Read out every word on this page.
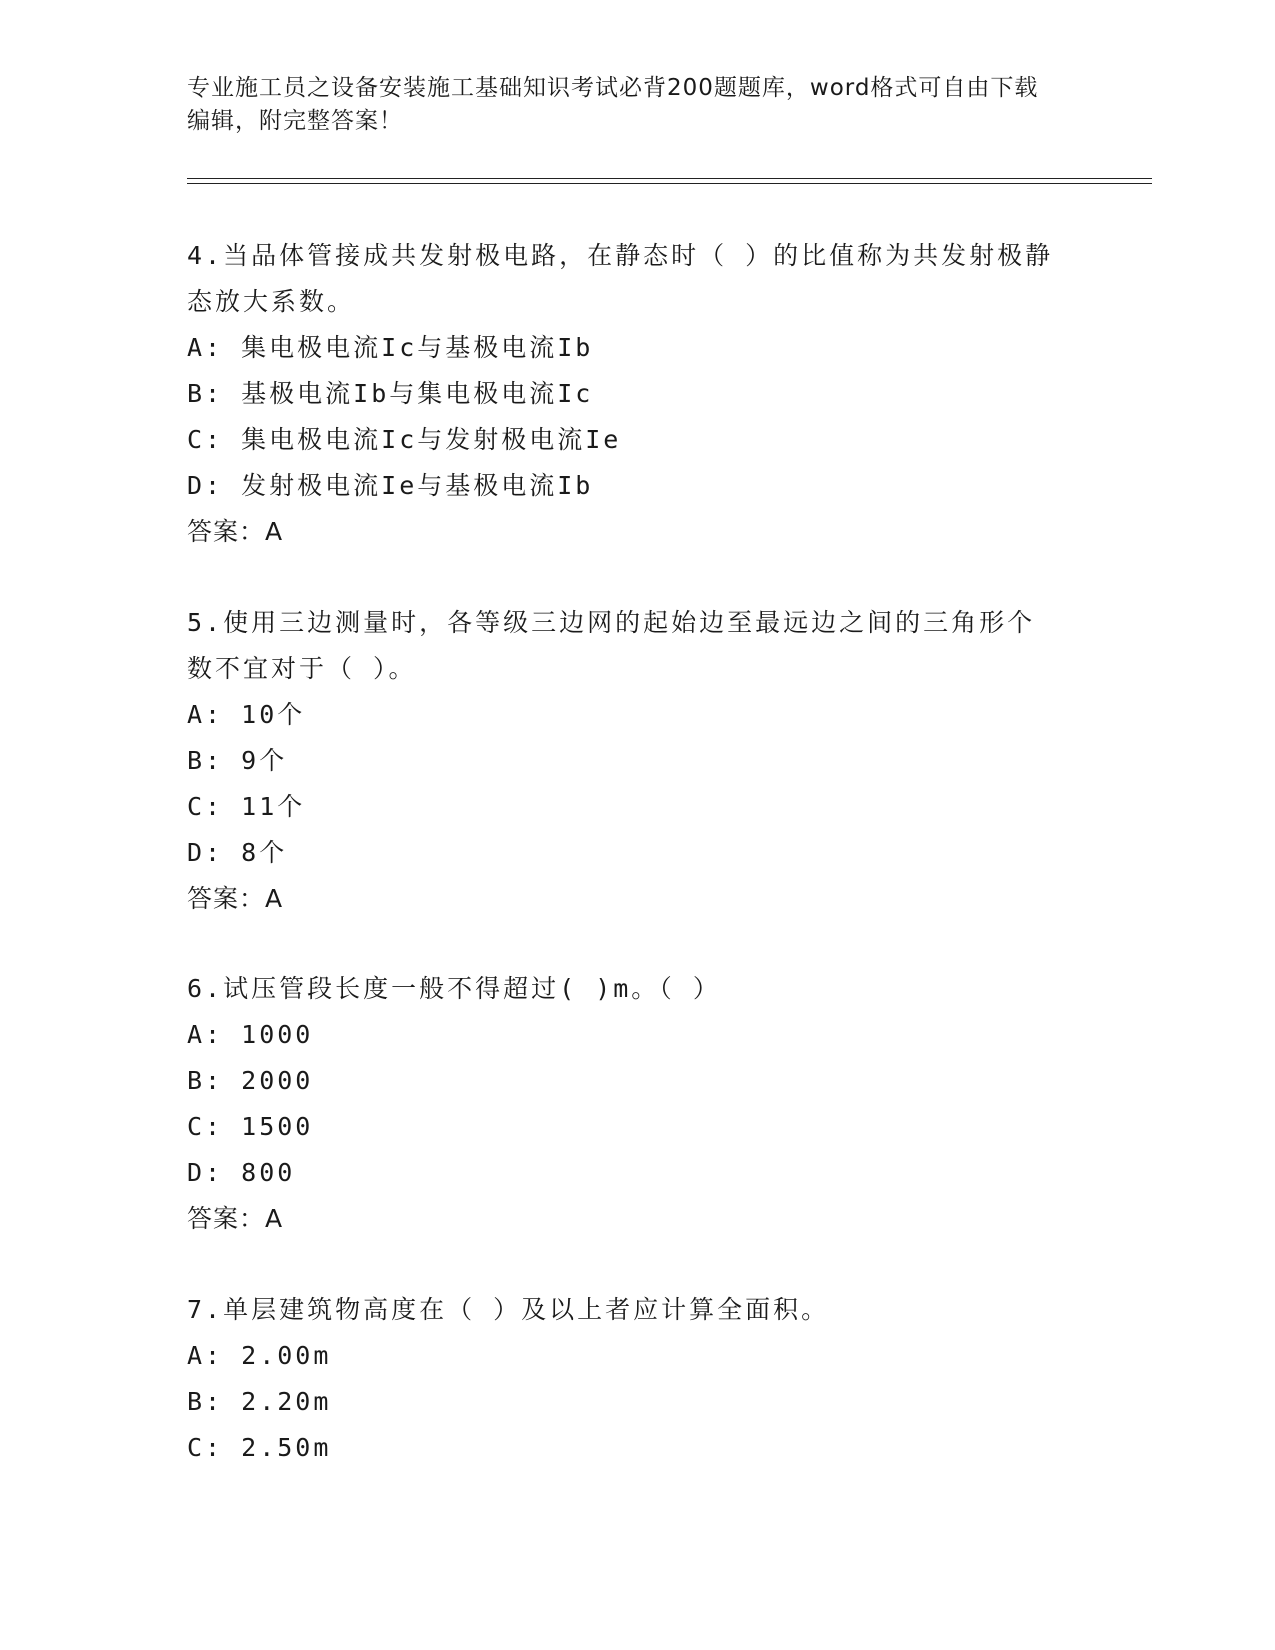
专业施工员之设备安装施工基础知识考试必背200题题库，word格式可自由下载
编辑，附完整答案！
4.当品体管接成共发射极电路，在静态时（ ）的比值称为共发射极静
态放大系数。
A: 集电极电流Ic与基极电流Ib
B: 基极电流Ib与集电极电流Ic
C: 集电极电流Ic与发射极电流Ie
D: 发射极电流Ie与基极电流Ib
答案：A
5.使用三边测量时，各等级三边网的起始边至最远边之间的三角形个
数不宜对于（ ）。
A: 10个
B: 9个
C: 11个
D: 8个
答案：A
6.试压管段长度一般不得超过( )m。（ ）
A: 1000
B: 2000
C: 1500
D: 800
答案：A
7.单层建筑物高度在（ ）及以上者应计算全面积。
A: 2.00m
B: 2.20m
C: 2.50m
